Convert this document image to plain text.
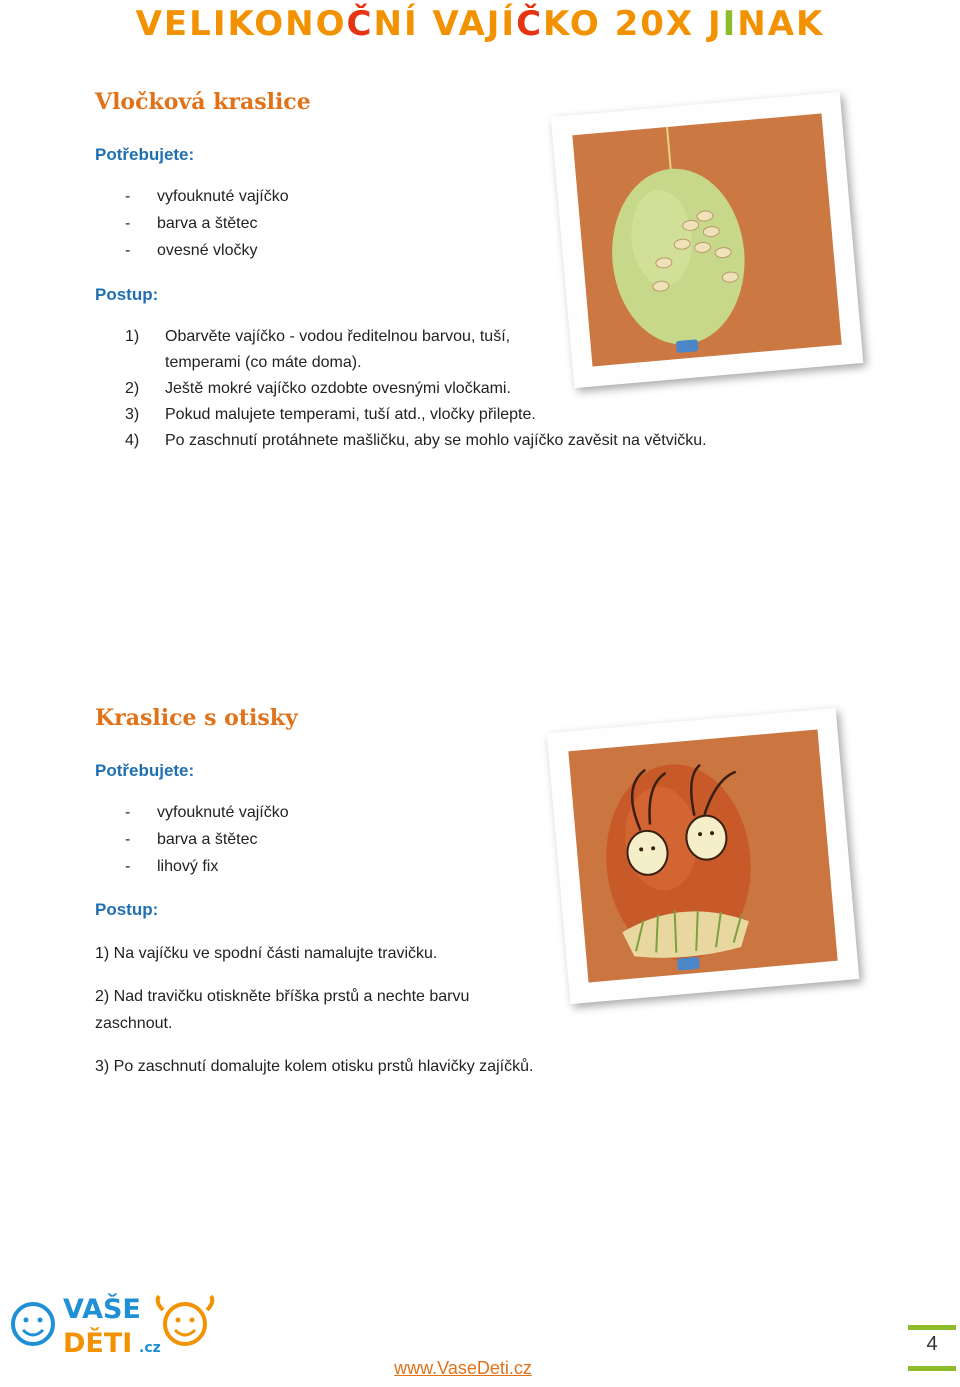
VELIKONOČNÍ VAJÍČKO 20X JINAK
Vločková kraslice

Potřebujete:

- vyfouknuté vajíčko
- barva a štětec
- ovesné vločky

Postup:

1) Obarvěte vajíčko - vodou ředitelnou barvou, tuší, temperami (co máte doma).
2) Ještě mokré vajíčko ozdobte ovesnými vločkami.
3) Pokud malujete temperami, tuší atd., vločky přilepte.
4) Po zaschnutí protáhnete mašličku, aby se mohlo vajíčko zavěsit na větvičku.
Kraslice s otisky

Potřebujete:

- vyfouknuté vajíčko
- barva a štětec
- lihový fix

Postup:

1) Na vajíčku ve spodní části namalujte travičku.

2) Nad travičku otiskněte bříška prstů a nechte barvu zaschnout.

3) Po zaschnutí domalujte kolem otisku prstů hlavičky zajíčků.

VAŠE
DĚTI .cz
www.VaseDeti.cz
4
